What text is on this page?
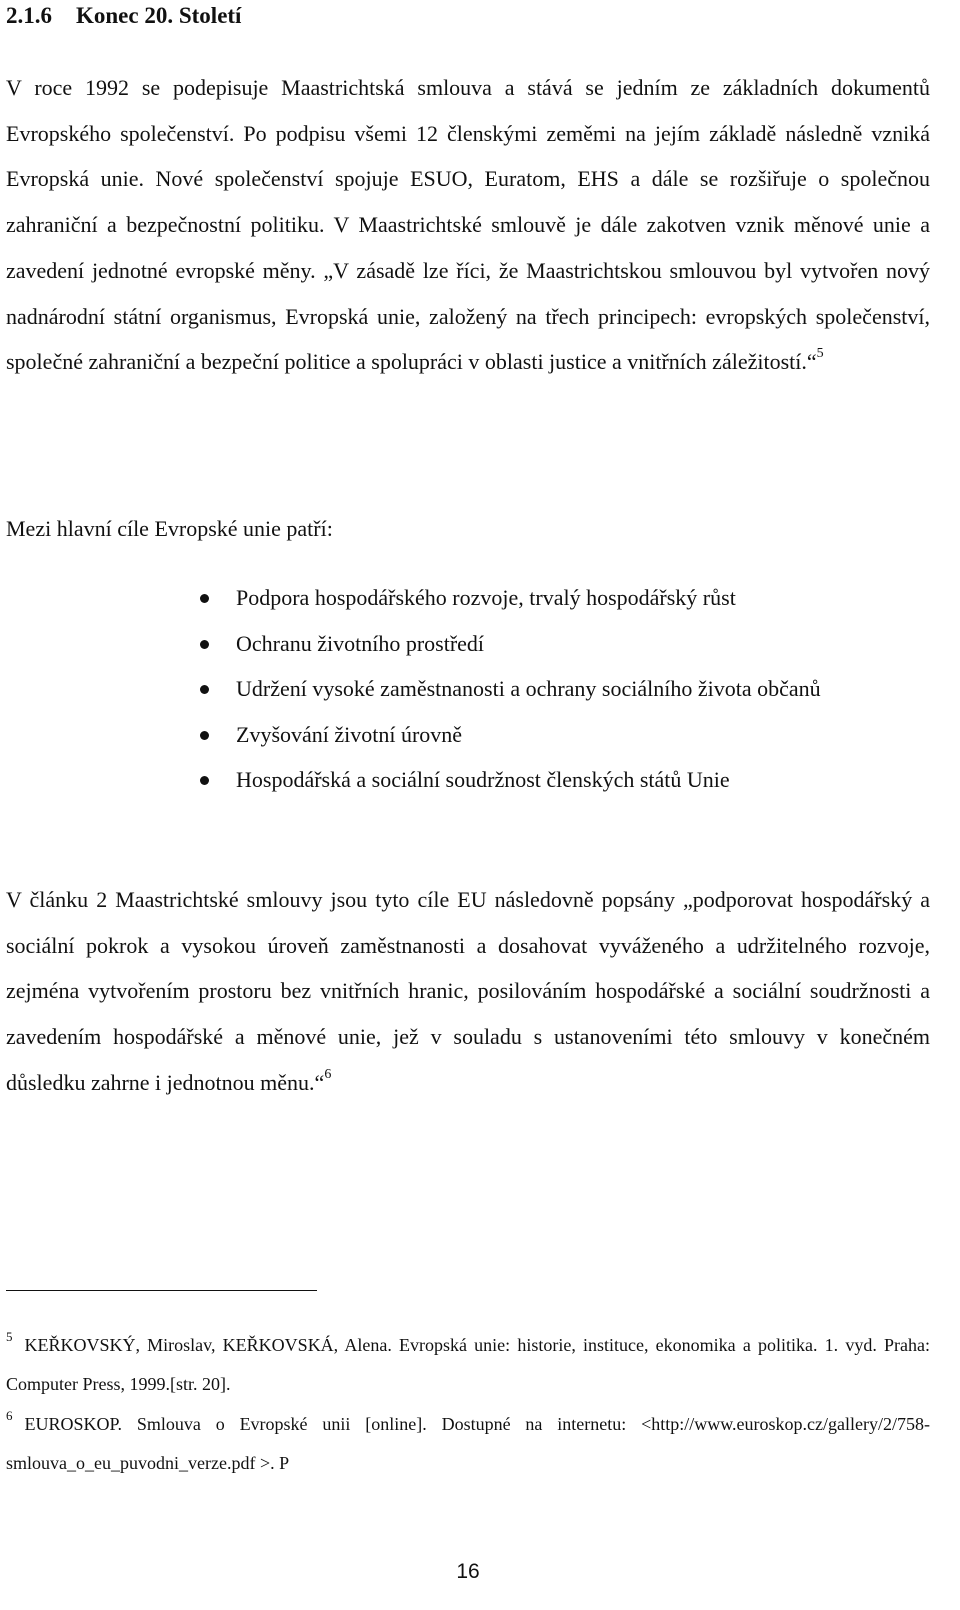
2.1.6 Konec 20. Století

V roce 1992 se podepisuje Maastrichtská smlouva a stává se jedním ze základních dokumentů Evropského společenství. Po podpisu všemi 12 členskými zeměmi na jejím základě následně vzniká Evropská unie. Nové společenství spojuje ESUO, Euratom, EHS a dále se rozšiřuje o společnou zahraniční a bezpečnostní politiku. V Maastrichtské smlouvě je dále zakotven vznik měnové unie a zavedení jednotné evropské měny. „V zásadě lze říci, že Maastrichtskou smlouvou byl vytvořen nový nadnárodní státní organismus, Evropská unie, založený na třech principech: evropských společenství, společné zahraniční a bezpeční politice a spolupráci v oblasti justice a vnitřních záležitostí.“$^5$

Mezi hlavní cíle Evropské unie patří:

Podpora hospodářského rozvoje, trvalý hospodářský růst
Ochranu životního prostředí
Udržení vysoké zaměstnanosti a ochrany sociálního života občanů
Zvyšování životní úrovně
Hospodářská a sociální soudržnost členských států Unie

V článku 2 Maastrichtské smlouvy jsou tyto cíle EU následovně popsány „podporovat hospodářský a sociální pokrok a vysokou úroveň zaměstnanosti a dosahovat vyváženého a udržitelného rozvoje, zejména vytvořením prostoru bez vnitřních hranic, posilováním hospodářské a sociální soudržnosti a zavedením hospodářské a měnové unie, jež v souladu s ustanoveními této smlouvy v konečném důsledku zahrne i jednotnou měnu.“$^6$

$^5$ KEŘKOVSKÝ, Miroslav, KEŘKOVSKÁ, Alena. Evropská unie: historie, instituce, ekonomika a politika. 1. vyd. Praha: Computer Press, 1999.[str. 20].

$^6$ EUROSKOP. Smlouva o Evropské unii [online]. Dostupné na internetu: <http://www.euroskop.cz/gallery/2/758-smlouva_o_eu_puvodni_verze.pdf >. P

16
